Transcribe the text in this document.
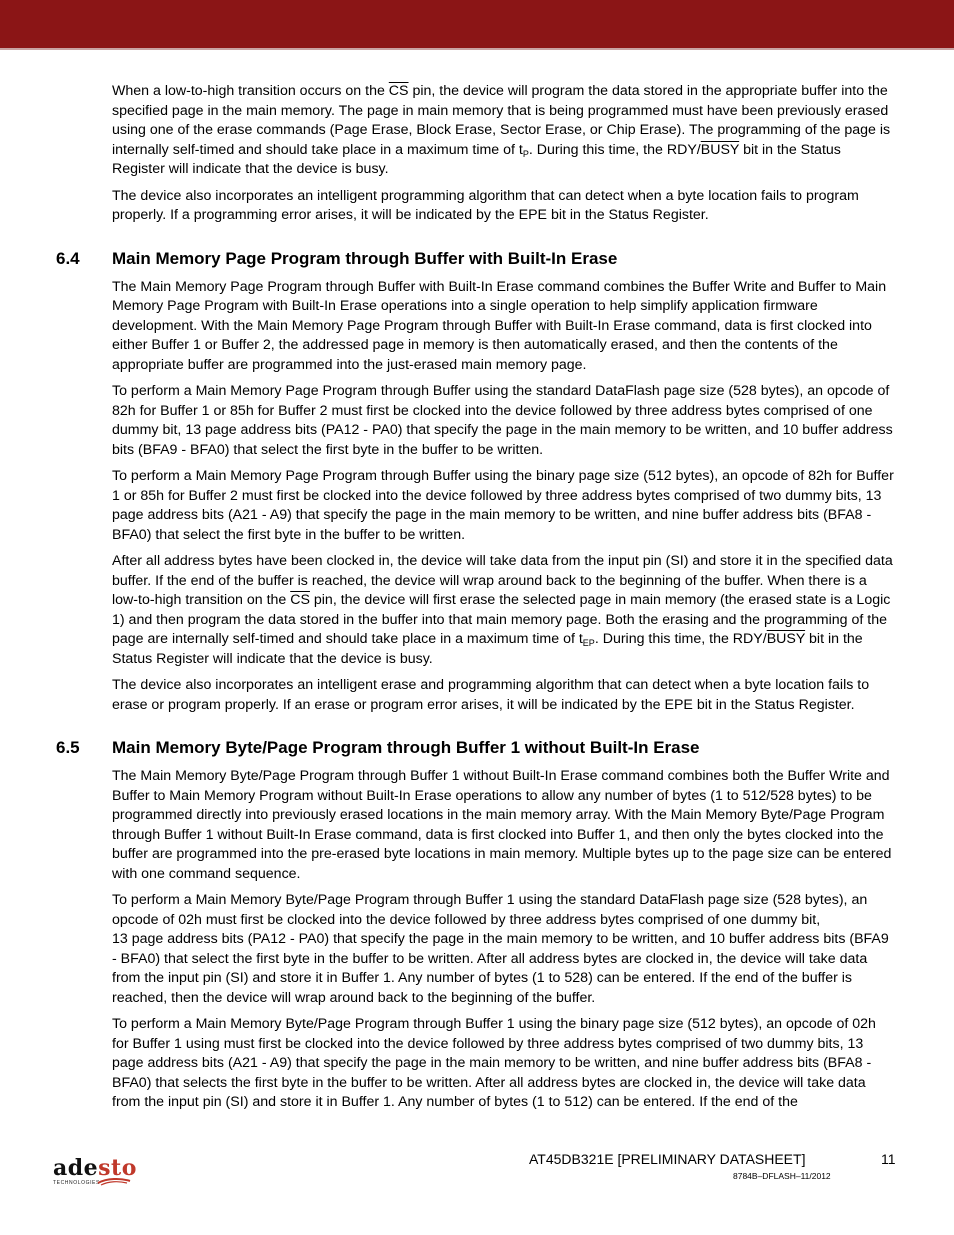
When a low-to-high transition occurs on the $\overline{CS}$ pin, the device will program the data stored in the appropriate buffer into the specified page in the main memory. The page in main memory that is being programmed must have been previously erased using one of the erase commands (Page Erase, Block Erase, Sector Erase, or Chip Erase). The programming of the page is internally self-timed and should take place in a maximum time of $t_P$. During this time, the RDY/BUSY bit in the Status Register will indicate that the device is busy.

The device also incorporates an intelligent programming algorithm that can detect when a byte location fails to program properly. If a programming error arises, it will be indicated by the EPE bit in the Status Register.

6.4 Main Memory Page Program through Buffer with Built-In Erase

The Main Memory Page Program through Buffer with Built-In Erase command combines the Buffer Write and Buffer to Main Memory Page Program with Built-In Erase operations into a single operation to help simplify application firmware development. With the Main Memory Page Program through Buffer with Built-In Erase command, data is first clocked into either Buffer 1 or Buffer 2, the addressed page in memory is then automatically erased, and then the contents of the appropriate buffer are programmed into the just-erased main memory page.

To perform a Main Memory Page Program through Buffer using the standard DataFlash page size (528 bytes), an opcode of 82h for Buffer 1 or 85h for Buffer 2 must first be clocked into the device followed by three address bytes comprised of one dummy bit, 13 page address bits (PA12 - PA0) that specify the page in the main memory to be written, and 10 buffer address bits (BFA9 - BFA0) that select the first byte in the buffer to be written.

To perform a Main Memory Page Program through Buffer using the binary page size (512 bytes), an opcode of 82h for Buffer 1 or 85h for Buffer 2 must first be clocked into the device followed by three address bytes comprised of two dummy bits, 13 page address bits (A21 - A9) that specify the page in the main memory to be written, and nine buffer address bits (BFA8 - BFA0) that select the first byte in the buffer to be written.

After all address bytes have been clocked in, the device will take data from the input pin (SI) and store it in the specified data buffer. If the end of the buffer is reached, the device will wrap around back to the beginning of the buffer. When there is a low-to-high transition on the $\overline{CS}$ pin, the device will first erase the selected page in main memory (the erased state is a Logic 1) and then program the data stored in the buffer into that main memory page. Both the erasing and the programming of the page are internally self-timed and should take place in a maximum time of $t_{EP}$. During this time, the RDY/BUSY bit in the Status Register will indicate that the device is busy.

The device also incorporates an intelligent erase and programming algorithm that can detect when a byte location fails to erase or program properly. If an erase or program error arises, it will be indicated by the EPE bit in the Status Register.

6.5 Main Memory Byte/Page Program through Buffer 1 without Built-In Erase

The Main Memory Byte/Page Program through Buffer 1 without Built-In Erase command combines both the Buffer Write and Buffer to Main Memory Program without Built-In Erase operations to allow any number of bytes (1 to 512/528 bytes) to be programmed directly into previously erased locations in the main memory array. With the Main Memory Byte/Page Program through Buffer 1 without Built-In Erase command, data is first clocked into Buffer 1, and then only the bytes clocked into the buffer are programmed into the pre-erased byte locations in main memory. Multiple bytes up to the page size can be entered with one command sequence.

To perform a Main Memory Byte/Page Program through Buffer 1 using the standard DataFlash page size (528 bytes), an opcode of 02h must first be clocked into the device followed by three address bytes comprised of one dummy bit,
13 page address bits (PA12 - PA0) that specify the page in the main memory to be written, and 10 buffer address bits (BFA9 - BFA0) that select the first byte in the buffer to be written. After all address bytes are clocked in, the device will take data from the input pin (SI) and store it in Buffer 1. Any number of bytes (1 to 528) can be entered. If the end of the buffer is reached, then the device will wrap around back to the beginning of the buffer.

To perform a Main Memory Byte/Page Program through Buffer 1 using the binary page size (512 bytes), an opcode of 02h for Buffer 1 using must first be clocked into the device followed by three address bytes comprised of two dummy bits, 13 page address bits (A21 - A9) that specify the page in the main memory to be written, and nine buffer address bits (BFA8 - BFA0) that selects the first byte in the buffer to be written. After all address bytes are clocked in, the device will take data from the input pin (SI) and store it in Buffer 1. Any number of bytes (1 to 512) can be entered. If the end of the

adesto
TECHNOLOGIES
AT45DB321E [PRELIMINARY DATASHEET]	11
8784B–DFLASH–11/2012
